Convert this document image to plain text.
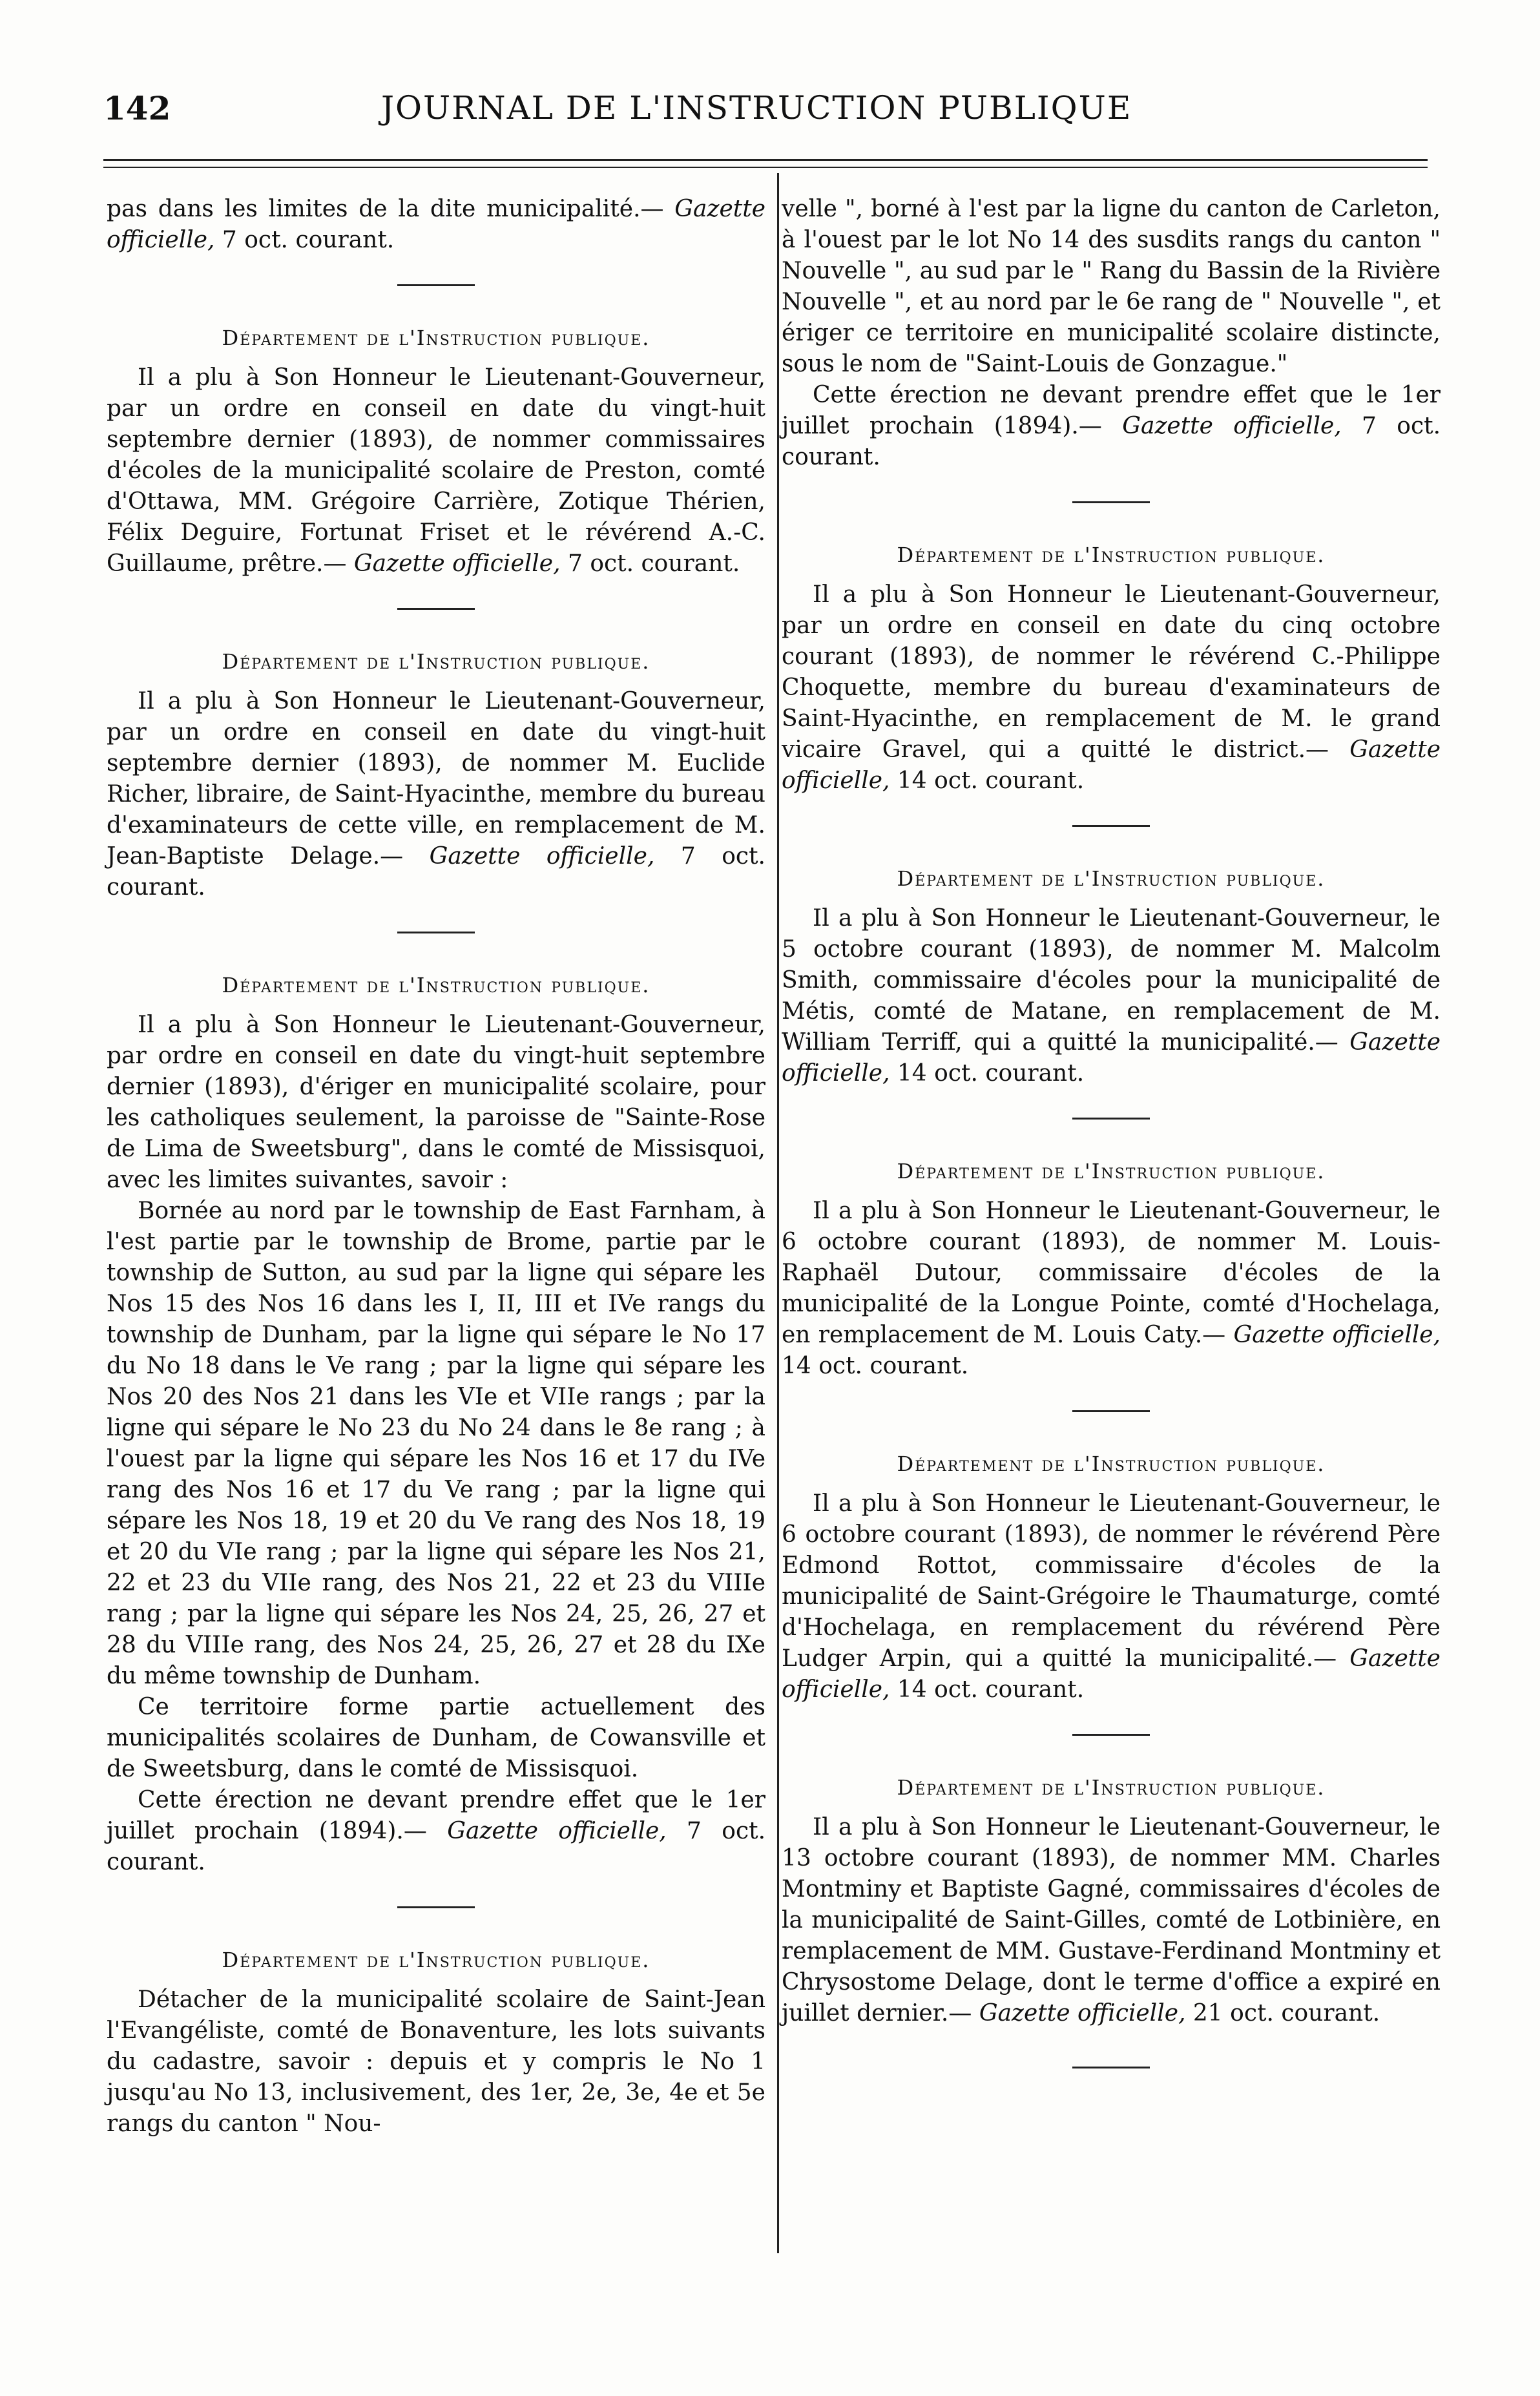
142	JOURNAL DE L'INSTRUCTION PUBLIQUE

pas dans les limites de la dite municipalité.— Gazette officielle, 7 oct. courant.

Département de l'Instruction publique.

Il a plu à Son Honneur le Lieutenant-Gouverneur, par un ordre en conseil en date du vingt-huit septembre dernier (1893), de nommer commissaires d'écoles de la municipalité scolaire de Preston, comté d'Ottawa, MM. Grégoire Carrière, Zotique Thérien, Félix Deguire, Fortunat Friset et le révérend A.-C. Guillaume, prêtre.— Gazette officielle, 7 oct. courant.

Département de l'Instruction publique.

Il a plu à Son Honneur le Lieutenant-Gouverneur, par un ordre en conseil en date du vingt-huit septembre dernier (1893), de nommer M. Euclide Richer, libraire, de Saint-Hyacinthe, membre du bureau d'examinateurs de cette ville, en remplacement de M. Jean-Baptiste Delage.— Gazette officielle, 7 oct. courant.

Département de l'Instruction publique.

Il a plu à Son Honneur le Lieutenant-Gouverneur, par ordre en conseil en date du vingt-huit septembre dernier (1893), d'ériger en municipalité scolaire, pour les catholiques seulement, la paroisse de "Sainte-Rose de Lima de Sweetsburg", dans le comté de Missisquoi, avec les limites suivantes, savoir :

Bornée au nord par le township de East Farnham, à l'est partie par le township de Brome, partie par le township de Sutton, au sud par la ligne qui sépare les Nos 15 des Nos 16 dans les I, II, III et IVe rangs du township de Dunham, par la ligne qui sépare le No 17 du No 18 dans le Ve rang ; par la ligne qui sépare les Nos 20 des Nos 21 dans les VIe et VIIe rangs ; par la ligne qui sépare le No 23 du No 24 dans le 8e rang ; à l'ouest par la ligne qui sépare les Nos 16 et 17 du IVe rang des Nos 16 et 17 du Ve rang ; par la ligne qui sépare les Nos 18, 19 et 20 du Ve rang des Nos 18, 19 et 20 du VIe rang ; par la ligne qui sépare les Nos 21, 22 et 23 du VIIe rang, des Nos 21, 22 et 23 du VIIIe rang ; par la ligne qui sépare les Nos 24, 25, 26, 27 et 28 du VIIIe rang, des Nos 24, 25, 26, 27 et 28 du IXe du même township de Dunham.

Ce territoire forme partie actuellement des municipalités scolaires de Dunham, de Cowansville et de Sweetsburg, dans le comté de Missisquoi.

Cette érection ne devant prendre effet que le 1er juillet prochain (1894).— Gazette officielle, 7 oct. courant.

Département de l'Instruction publique.

Détacher de la municipalité scolaire de Saint-Jean l'Evangéliste, comté de Bonaventure, les lots suivants du cadastre, savoir : depuis et y compris le No 1 jusqu'au No 13, inclusivement, des 1er, 2e, 3e, 4e et 5e rangs du canton " Nou-

velle ", borné à l'est par la ligne du canton de Carleton, à l'ouest par le lot No 14 des susdits rangs du canton " Nouvelle ", au sud par le " Rang du Bassin de la Rivière Nouvelle ", et au nord par le 6e rang de " Nouvelle ", et ériger ce territoire en municipalité scolaire distincte, sous le nom de "Saint-Louis de Gonzague."

Cette érection ne devant prendre effet que le 1er juillet prochain (1894).— Gazette officielle, 7 oct. courant.

Département de l'Instruction publique.

Il a plu à Son Honneur le Lieutenant-Gouverneur, par un ordre en conseil en date du cinq octobre courant (1893), de nommer le révérend C.-Philippe Choquette, membre du bureau d'examinateurs de Saint-Hyacinthe, en remplacement de M. le grand vicaire Gravel, qui a quitté le district.— Gazette officielle, 14 oct. courant.

Département de l'Instruction publique.

Il a plu à Son Honneur le Lieutenant-Gouverneur, le 5 octobre courant (1893), de nommer M. Malcolm Smith, commissaire d'écoles pour la municipalité de Métis, comté de Matane, en remplacement de M. William Terriff, qui a quitté la municipalité.— Gazette officielle, 14 oct. courant.

Département de l'Instruction publique.

Il a plu à Son Honneur le Lieutenant-Gouverneur, le 6 octobre courant (1893), de nommer M. Louis-Raphaël Dutour, commissaire d'écoles de la municipalité de la Longue Pointe, comté d'Hochelaga, en remplacement de M. Louis Caty.— Gazette officielle, 14 oct. courant.

Département de l'Instruction publique.

Il a plu à Son Honneur le Lieutenant-Gouverneur, le 6 octobre courant (1893), de nommer le révérend Père Edmond Rottot, commissaire d'écoles de la municipalité de Saint-Grégoire le Thaumaturge, comté d'Hochelaga, en remplacement du révérend Père Ludger Arpin, qui a quitté la municipalité.— Gazette officielle, 14 oct. courant.

Département de l'Instruction publique.

Il a plu à Son Honneur le Lieutenant-Gouverneur, le 13 octobre courant (1893), de nommer MM. Charles Montminy et Baptiste Gagné, commissaires d'écoles de la municipalité de Saint-Gilles, comté de Lotbinière, en remplacement de MM. Gustave-Ferdinand Montminy et Chrysostome Delage, dont le terme d'office a expiré en juillet dernier.— Gazette officielle, 21 oct. courant.
